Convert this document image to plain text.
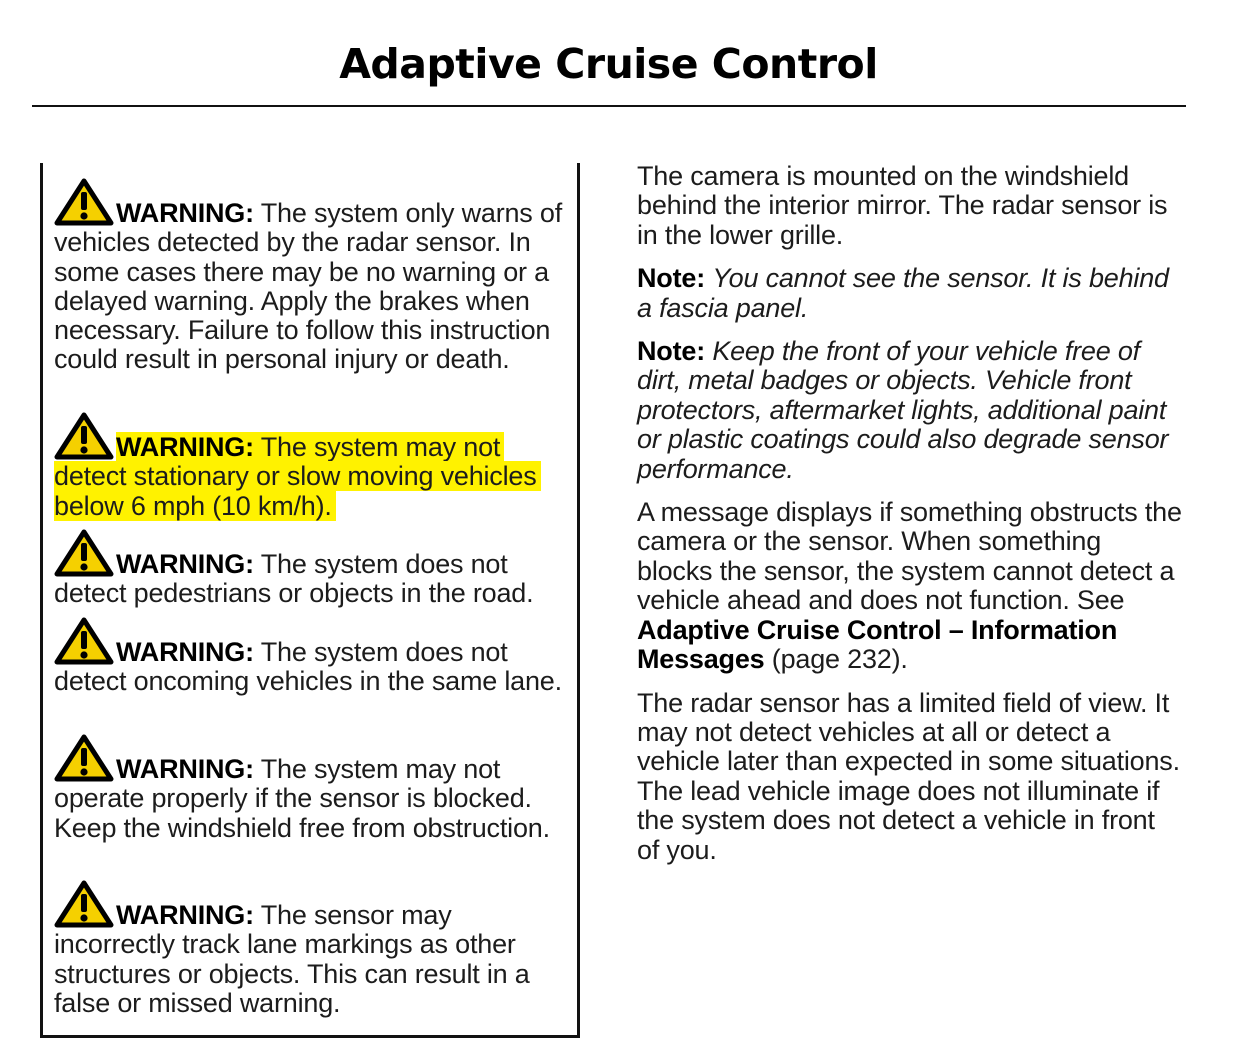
Adaptive Cruise Control

WARNING: The system only warns of vehicles detected by the radar sensor. In some cases there may be no warning or a delayed warning. Apply the brakes when necessary. Failure to follow this instruction could result in personal injury or death.

WARNING: The system may not detect stationary or slow moving vehicles below 6 mph (10 km/h).

WARNING: The system does not detect pedestrians or objects in the road.

WARNING: The system does not detect oncoming vehicles in the same lane.

WARNING: The system may not operate properly if the sensor is blocked. Keep the windshield free from obstruction.

WARNING: The sensor may incorrectly track lane markings as other structures or objects. This can result in a false or missed warning.

The camera is mounted on the windshield behind the interior mirror. The radar sensor is in the lower grille.

Note: You cannot see the sensor. It is behind a fascia panel.

Note: Keep the front of your vehicle free of dirt, metal badges or objects. Vehicle front protectors, aftermarket lights, additional paint or plastic coatings could also degrade sensor performance.

A message displays if something obstructs the camera or the sensor. When something blocks the sensor, the system cannot detect a vehicle ahead and does not function. See Adaptive Cruise Control – Information Messages (page 232).

The radar sensor has a limited field of view. It may not detect vehicles at all or detect a vehicle later than expected in some situations. The lead vehicle image does not illuminate if the system does not detect a vehicle in front of you.
